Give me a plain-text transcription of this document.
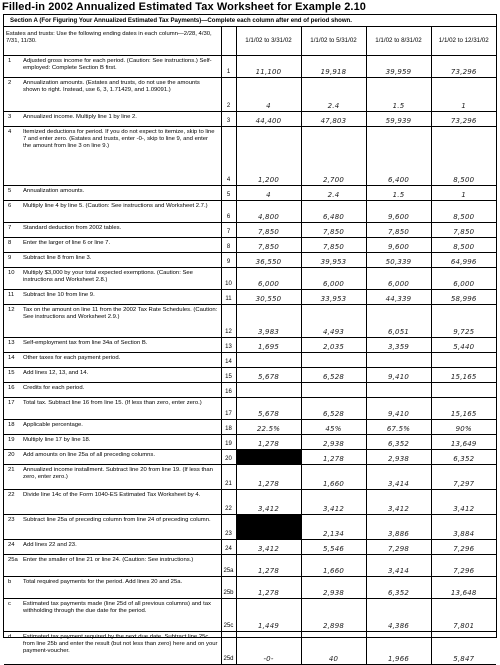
Filled-in 2002 Annualized Estimated Tax Worksheet for Example 2.10
Section A (For Figuring Your Annualized Estimated Tax Payments)—Complete each column after end of period shown.
Estates and trusts: Use the following ending dates in each column—2/28, 4/30, 7/31, 11/30.			1/1/02 to 3/31/02	1/1/02 to 5/31/02	1/1/02 to 8/31/02	1/1/02 to 12/31/02
1	Adjusted gross income for each period. (Caution: See instructions.) Self-employed: Complete Section B first.	1	11,100	19,918	39,959	73,296
2	Annualization amounts. (Estates and trusts, do not use the amounts shown to right. Instead, use 6, 3, 1.71429, and 1.09091.)	2	4	2.4	1.5	1
3	Annualized income. Multiply line 1 by line 2.	3	44,400	47,803	59,939	73,296
4	Itemized deductions for period. If you do not expect to itemize, skip to line 7 and enter zero. (Estates and trusts, enter -0-, skip to line 9, and enter the amount from line 3 on line 9.)	4	1,200	2,700	6,400	8,500
5	Annualization amounts.	5	4	2.4	1.5	1
6	Multiply line 4 by line 5. (Caution: See instructions and Worksheet 2.7.)	6	4,800	6,480	9,600	8,500
7	Standard deduction from 2002 tables.	7	7,850	7,850	7,850	7,850
8	Enter the larger of line 6 or line 7.	8	7,850	7,850	9,600	8,500
9	Subtract line 8 from line 3.	9	36,550	39,953	50,339	64,996
10	Multiply $3,000 by your total expected exemptions. (Caution: See instructions and Worksheet 2.8.)	10	6,000	6,000	6,000	6,000
11	Subtract line 10 from line 9.	11	30,550	33,953	44,339	58,996
12	Tax on the amount on line 11 from the 2002 Tax Rate Schedules. (Caution: See instructions and Worksheet 2.9.)	12	3,983	4,493	6,051	9,725
13	Self-employment tax from line 34a of Section B.	13	1,695	2,035	3,359	5,440
14	Other taxes for each payment period.	14				
15	Add lines 12, 13, and 14.	15	5,678	6,528	9,410	15,165
16	Credits for each period.	16				
17	Total tax. Subtract line 16 from line 15. (If less than zero, enter zero.)	17	5,678	6,528	9,410	15,165
18	Applicable percentage.	18	22.5%	45%	67.5%	90%
19	Multiply line 17 by line 18.	19	1,278	2,938	6,352	13,649
20	Add amounts on line 25a of all preceding columns.	20		1,278	2,938	6,352
21	Annualized income installment. Subtract line 20 from line 19. (If less than zero, enter zero.)	21	1,278	1,660	3,414	7,297
22	Divide line 14c of the Form 1040-ES Estimated Tax Worksheet by 4.	22	3,412	3,412	3,412	3,412
23	Subtract line 25a of preceding column from line 24 of preceding column.	23		2,134	3,886	3,884
24	Add lines 22 and 23.	24	3,412	5,546	7,298	7,296
25a	Enter the smaller of line 21 or line 24. (Caution: See instructions.)	25a	1,278	1,660	3,414	7,296
b	Total required payments for the period. Add lines 20 and 25a.	25b	1,278	2,938	6,352	13,648
c	Estimated tax payments made (line 25d of all previous columns) and tax withholding through the due date for the period.	25c	1,449	2,898	4,386	7,801
d	Estimated tax payment required by the next due date. Subtract line 25c from line 25b and enter the result (but not less than zero) here and on your payment-voucher.	25d	-0-	40	1,966	5,847
